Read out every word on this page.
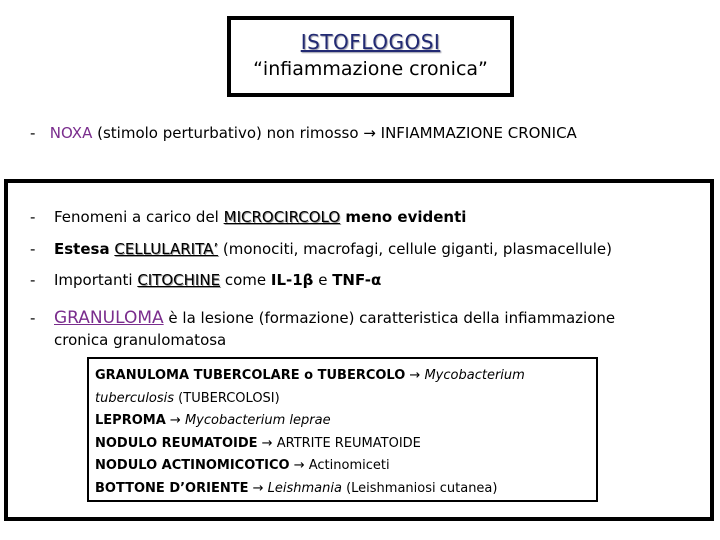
ISTOFLOGOSI
“infiammazione cronica”
- NOXA (stimolo perturbativo) non rimosso → INFIAMMAZIONE CRONICA
- Fenomeni a carico del MICROCIRCOLO meno evidenti
- Estesa CELLULARITA’ (monociti, macrofagi, cellule giganti, plasmacellule)
- Importanti CITOCHINE come IL-1β e TNF-α
- GRANULOMA è la lesione (formazione) caratteristica della infiammazione
cronica granulomatosa
GRANULOMA TUBERCOLARE o TUBERCOLO → Mycobacterium
tuberculosis (TUBERCOLOSI)
LEPROMA → Mycobacterium leprae
NODULO REUMATOIDE → ARTRITE REUMATOIDE
NODULO ACTINOMICOTICO → Actinomiceti
BOTTONE D’ORIENTE → Leishmania (Leishmaniosi cutanea)
